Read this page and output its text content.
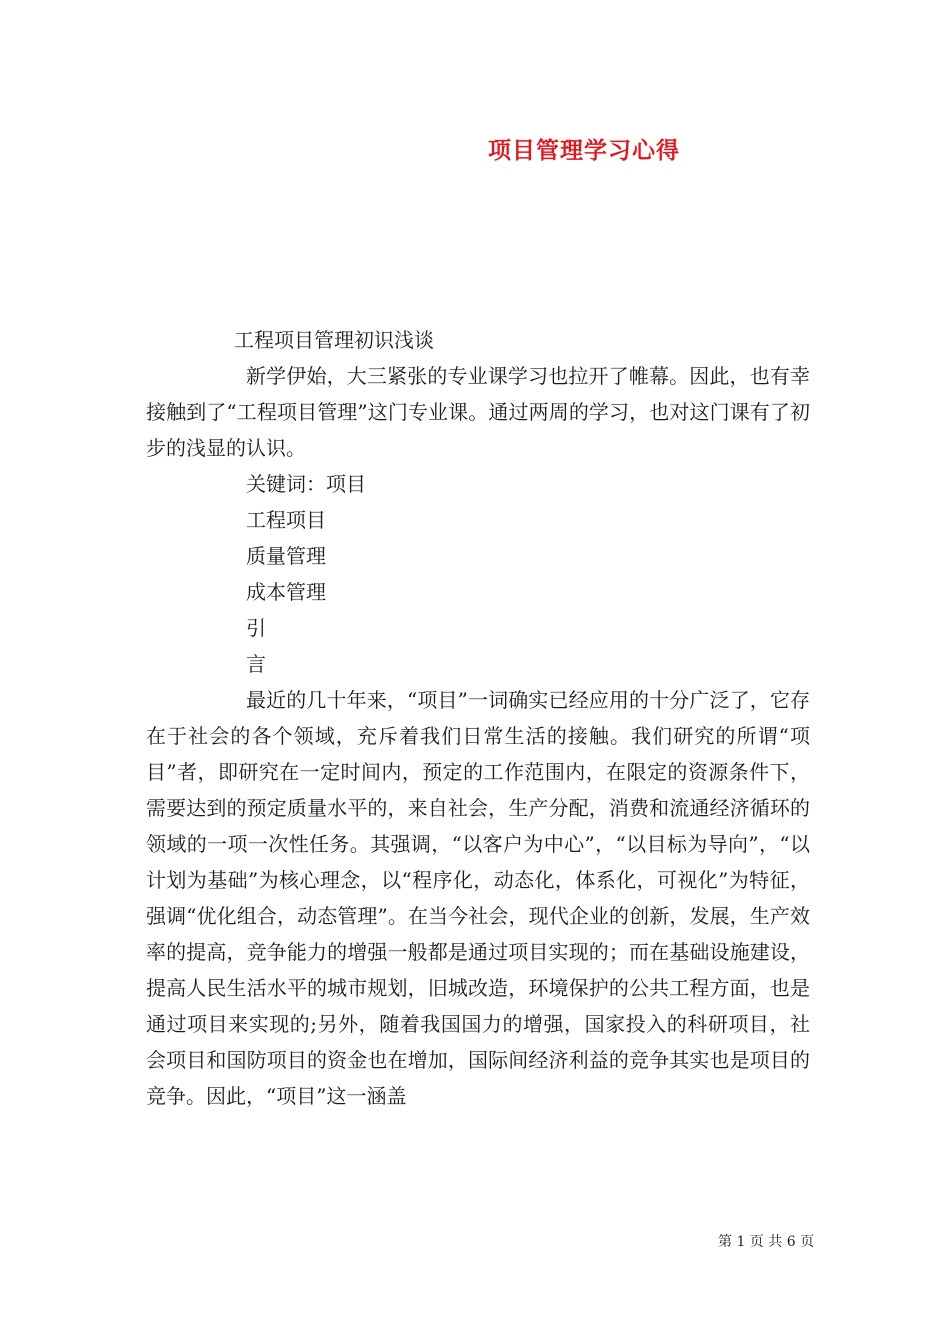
项目管理学习心得
工程项目管理初识浅谈

新学伊始，大三紧张的专业课学习也拉开了帷幕。因此，也有幸接触到了“工程项目管理”这门专业课。通过两周的学习，也对这门课有了初步的浅显的认识。

关键词：项目
工程项目
质量管理
成本管理
引
言

最近的几十年来，“项目”一词确实已经应用的十分广泛了，它存在于社会的各个领域，充斥着我们日常生活的接触。我们研究的所谓“项目”者，即研究在一定时间内，预定的工作范围内，在限定的资源条件下，需要达到的预定质量水平的，来自社会，生产分配，消费和流通经济循环的领域的一项一次性任务。其强调，“以客户为中心”，“以目标为导向”，“以计划为基础”为核心理念，以“程序化，动态化，体系化，可视化”为特征，强调“优化组合，动态管理”。在当今社会，现代企业的创新，发展，生产效率的提高，竞争能力的增强一般都是通过项目实现的；而在基础设施建设，提高人民生活水平的城市规划，旧城改造，环境保护的公共工程方面，也是通过项目来实现的;另外，随着我国国力的增强，国家投入的科研项目，社会项目和国防项目的资金也在增加，国际间经济利益的竞争其实也是项目的竞争。因此，“项目”这一涵盖

第 1 页 共 6 页
